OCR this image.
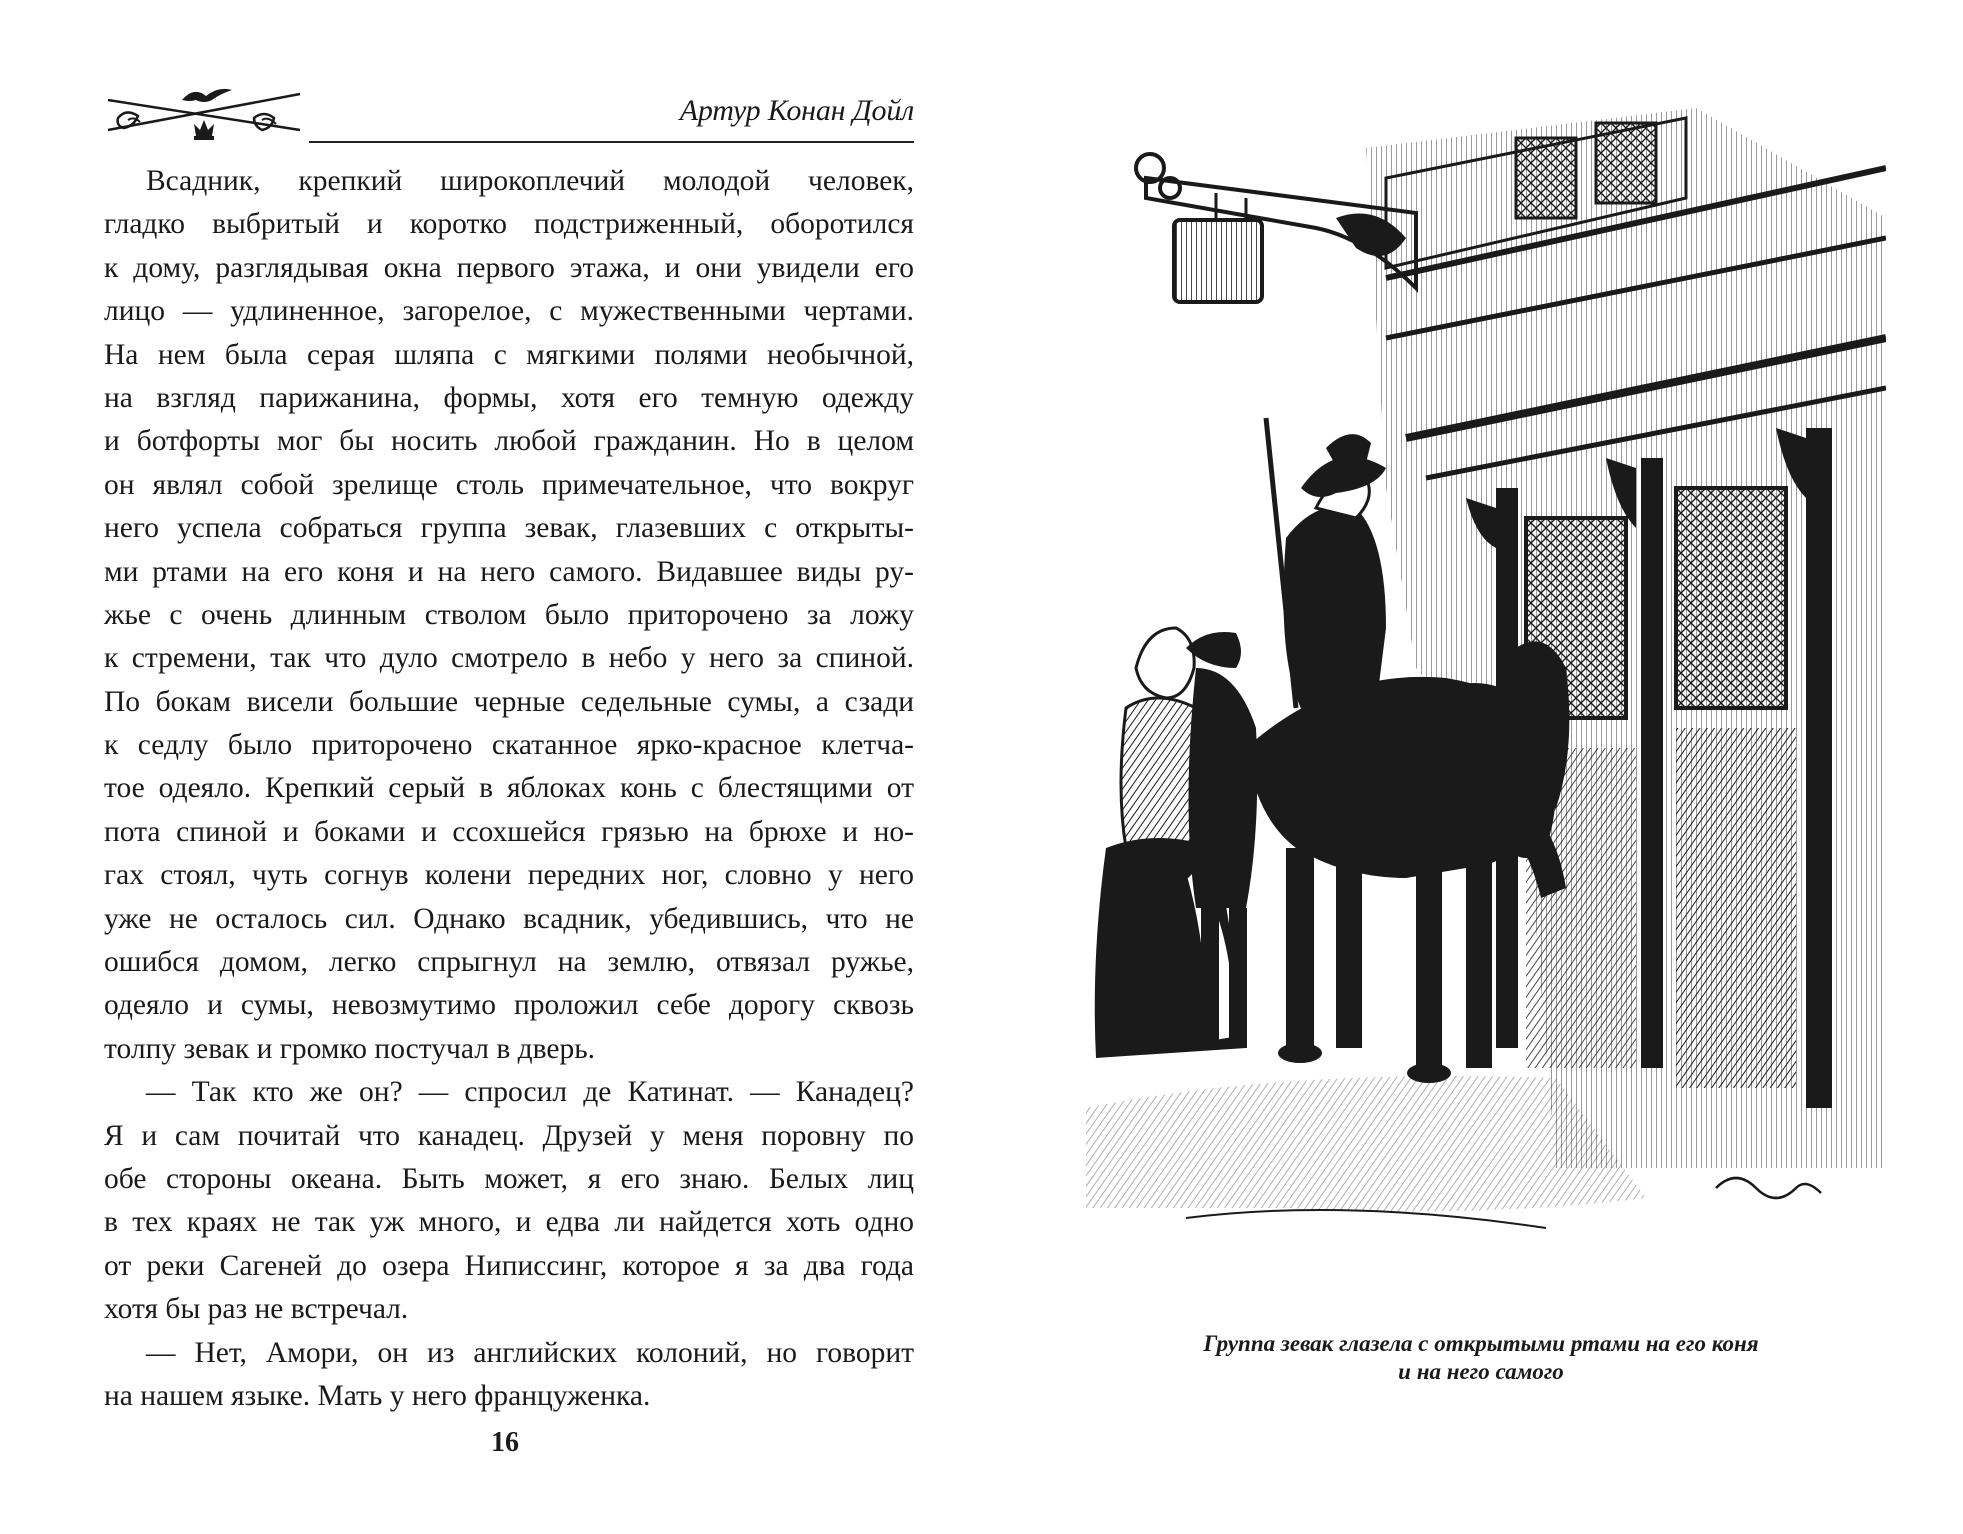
Артур Конан Дойл
Всадник, крепкий широкоплечий молодой человек,
гладко выбритый и коротко подстриженный, оборотился
к дому, разглядывая окна первого этажа, и они увидели его
лицо — удлиненное, загорелое, с мужественными чертами.
На нем была серая шляпа с мягкими полями необычной,
на взгляд парижанина, формы, хотя его темную одежду
и ботфорты мог бы носить любой гражданин. Но в целом
он являл собой зрелище столь примечательное, что вокруг
него успела собраться группа зевак, глазевших с открыты-
ми ртами на его коня и на него самого. Видавшее виды ру-
жье с очень длинным стволом было приторочено за ложу
к стремени, так что дуло смотрело в небо у него за спиной.
По бокам висели большие черные седельные сумы, а сзади
к седлу было приторочено скатанное ярко-красное клетча-
тое одеяло. Крепкий серый в яблоках конь с блестящими от
пота спиной и боками и ссохшейся грязью на брюхе и но-
гах стоял, чуть согнув колени передних ног, словно у него
уже не осталось сил. Однако всадник, убедившись, что не
ошибся домом, легко спрыгнул на землю, отвязал ружье,
одеяло и сумы, невозмутимо проложил себе дорогу сквозь
толпу зевак и громко постучал в дверь.
— Так кто же он? — спросил де Катинат. — Канадец?
Я и сам почитай что канадец. Друзей у меня поровну по
обе стороны океана. Быть может, я его знаю. Белых лиц
в тех краях не так уж много, и едва ли найдется хоть одно
от реки Сагеней до озера Ниписсинг, которое я за два года
хотя бы раз не встречал.
— Нет, Амори, он из английских колоний, но говорит
на нашем языке. Мать у него француженка.
16
Группа зевак глазела с открытыми ртами на его коня
и на него самого
